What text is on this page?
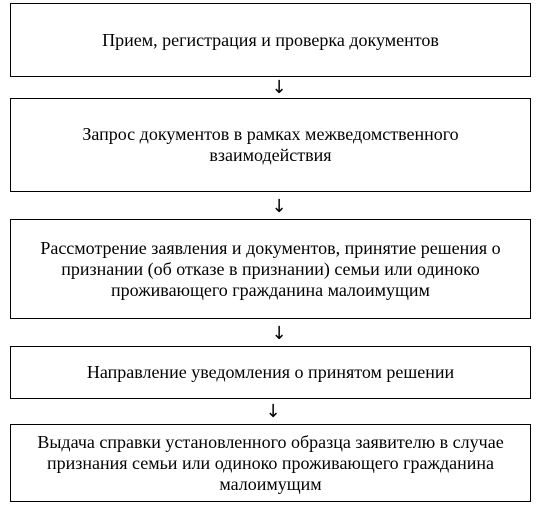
Прием, регистрация и проверка документов
↓
Запрос документов в рамках межведомственного взаимодействия
↓
Рассмотрение заявления и документов, принятие решения о признании (об отказе в признании) семьи или одиноко проживающего гражданина малоимущим
↓
Направление уведомления о принятом решении
↓
Выдача справки установленного образца заявителю в случае признания семьи или одиноко проживающего гражданина малоимущим
